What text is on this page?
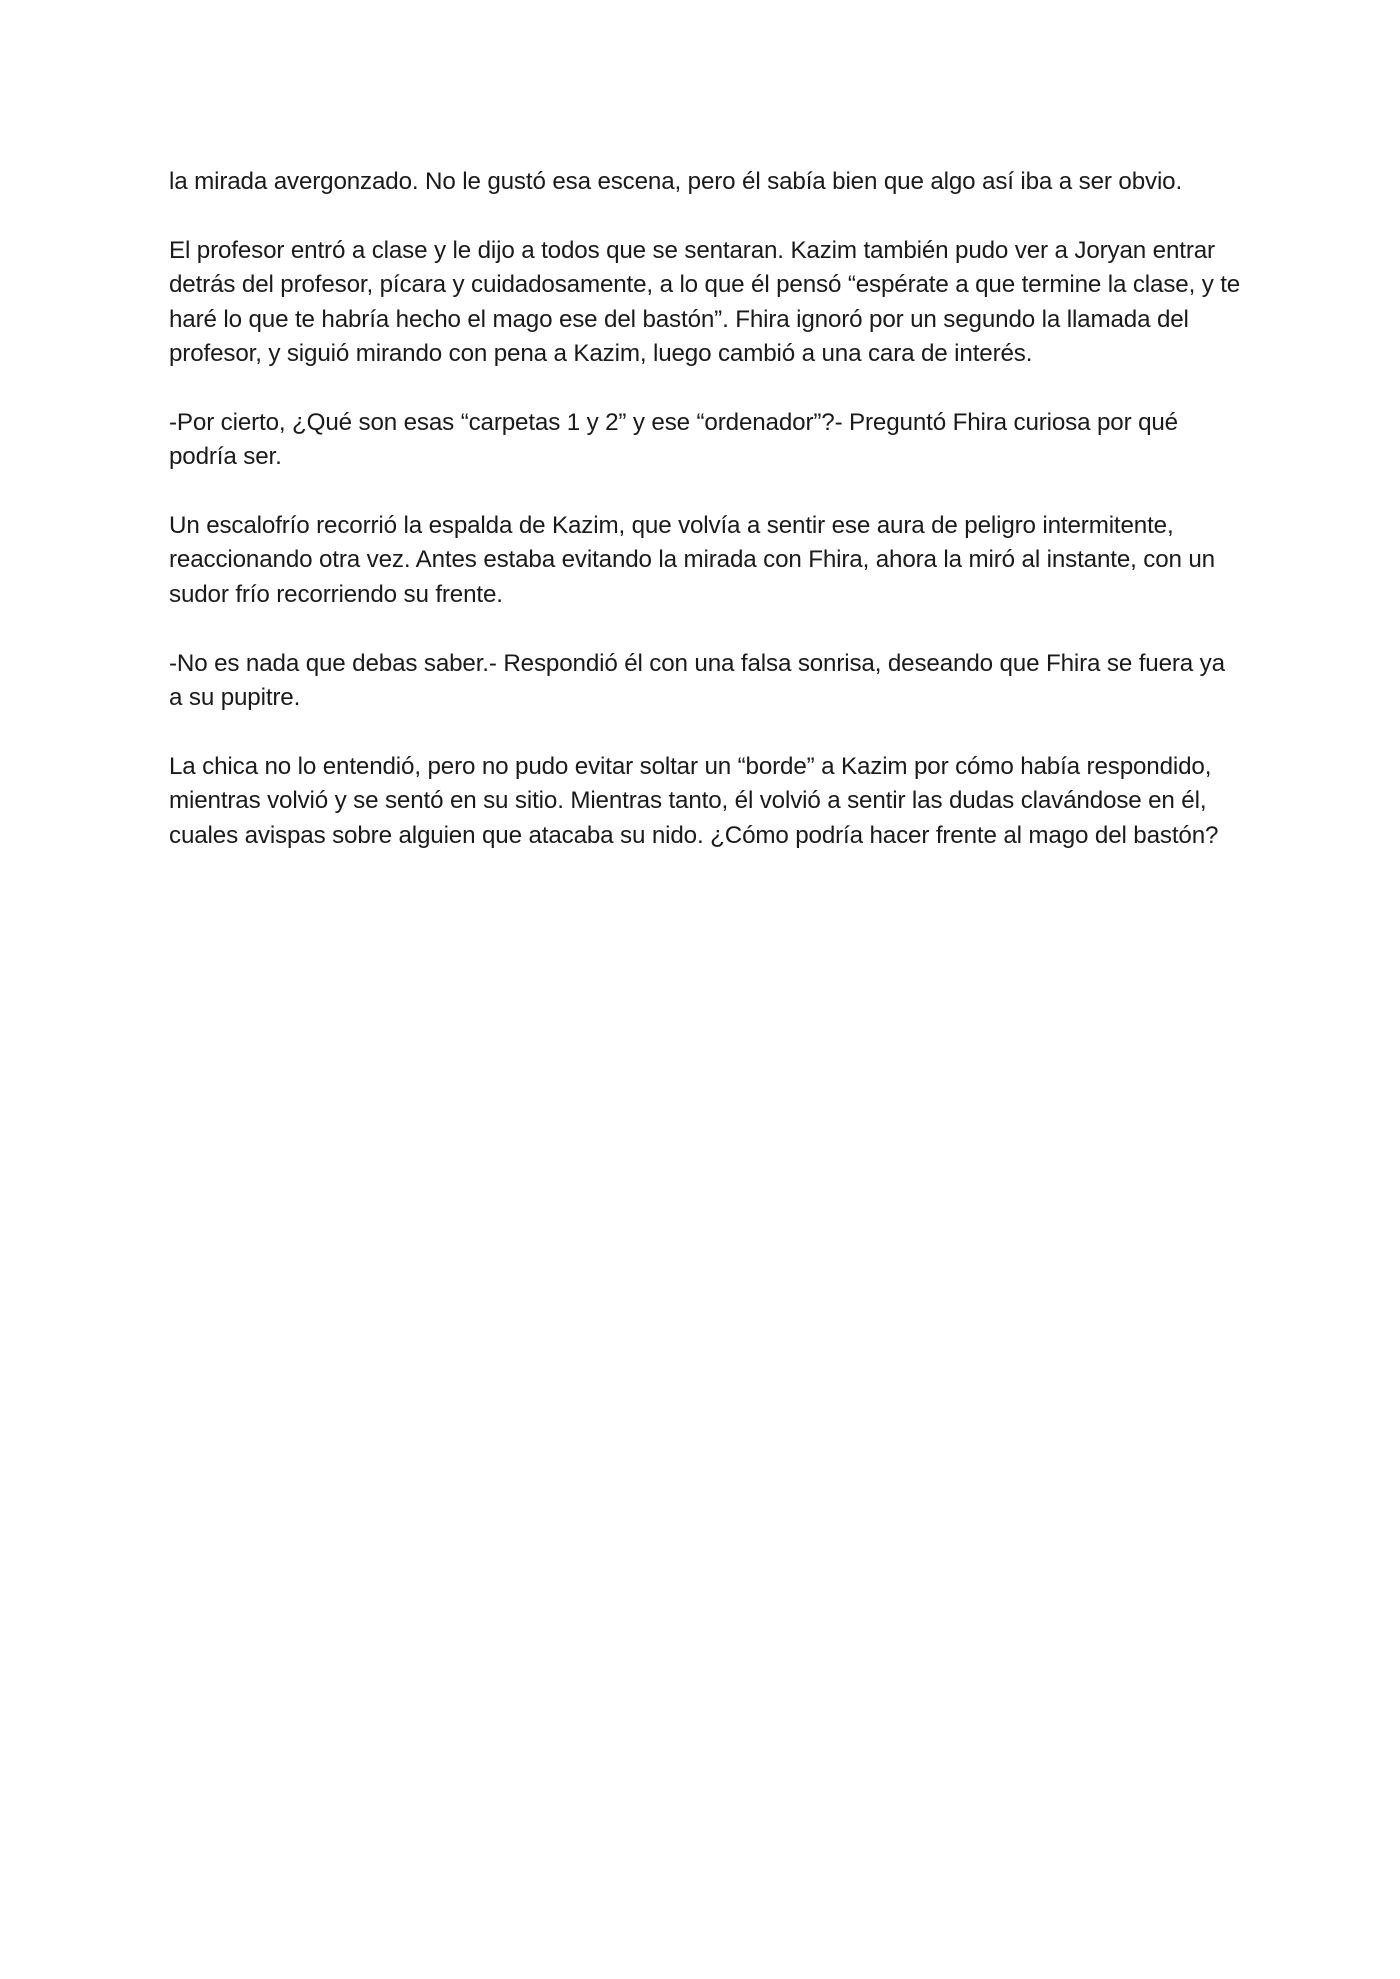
la mirada avergonzado. No le gustó esa escena, pero él sabía bien que algo así iba a ser obvio.

El profesor entró a clase y le dijo a todos que se sentaran. Kazim también pudo ver a Joryan entrar detrás del profesor, pícara y cuidadosamente, a lo que él pensó “espérate a que termine la clase, y te haré lo que te habría hecho el mago ese del bastón”. Fhira ignoró por un segundo la llamada del profesor, y siguió mirando con pena a Kazim, luego cambió a una cara de interés.

-Por cierto, ¿Qué son esas “carpetas 1 y 2” y ese “ordenador”?- Preguntó Fhira curiosa por qué podría ser.

Un escalofrío recorrió la espalda de Kazim, que volvía a sentir ese aura de peligro intermitente, reaccionando otra vez. Antes estaba evitando la mirada con Fhira, ahora la miró al instante, con un sudor frío recorriendo su frente.

-No es nada que debas saber.- Respondió él con una falsa sonrisa, deseando que Fhira se fuera ya a su pupitre.

La chica no lo entendió, pero no pudo evitar soltar un “borde” a Kazim por cómo había respondido, mientras volvió y se sentó en su sitio. Mientras tanto, él volvió a sentir las dudas clavándose en él, cuales avispas sobre alguien que atacaba su nido. ¿Cómo podría hacer frente al mago del bastón?
